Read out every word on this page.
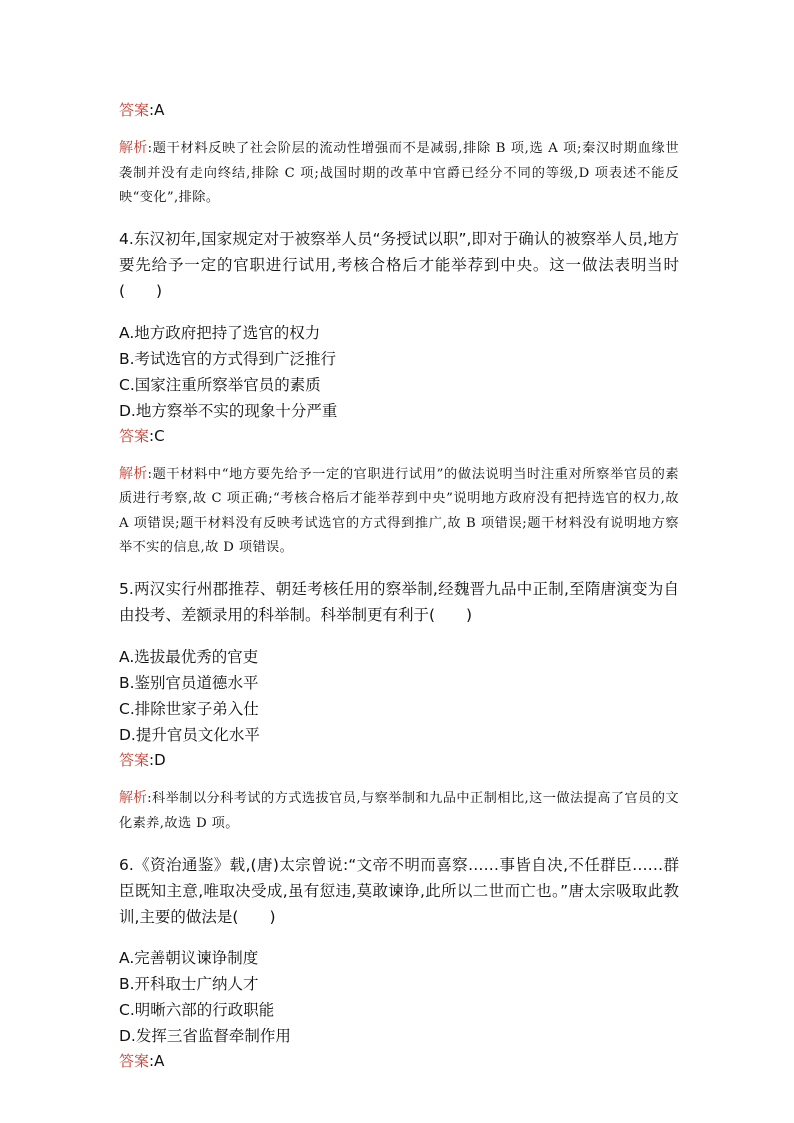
答案:A

解析:题干材料反映了社会阶层的流动性增强而不是减弱,排除 B 项,选 A 项;秦汉时期血缘世袭制并没有走向终结,排除 C 项;战国时期的改革中官爵已经分不同的等级,D 项表述不能反映“变化”,排除。

4.东汉初年,国家规定对于被察举人员“务授试以职”,即对于确认的被察举人员,地方要先给予一定的官职进行试用,考核合格后才能举荐到中央。这一做法表明当时(　　)

A.地方政府把持了选官的权力

B.考试选官的方式得到广泛推行

C.国家注重所察举官员的素质

D.地方察举不实的现象十分严重

答案:C

解析:题干材料中“地方要先给予一定的官职进行试用”的做法说明当时注重对所察举官员的素质进行考察,故 C 项正确;“考核合格后才能举荐到中央”说明地方政府没有把持选官的权力,故 A 项错误;题干材料没有反映考试选官的方式得到推广,故 B 项错误;题干材料没有说明地方察举不实的信息,故 D 项错误。

5.两汉实行州郡推荐、朝廷考核任用的察举制,经魏晋九品中正制,至隋唐演变为自由投考、差额录用的科举制。科举制更有利于(　　)

A.选拔最优秀的官吏

B.鉴别官员道德水平

C.排除世家子弟入仕

D.提升官员文化水平

答案:D

解析:科举制以分科考试的方式选拔官员,与察举制和九品中正制相比,这一做法提高了官员的文化素养,故选 D 项。

6.《资治通鉴》载,(唐)太宗曾说:“文帝不明而喜察……事皆自决,不任群臣……群臣既知主意,唯取决受成,虽有愆违,莫敢谏诤,此所以二世而亡也。”唐太宗吸取此教训,主要的做法是(　　)

A.完善朝议谏诤制度

B.开科取士广纳人才

C.明晰六部的行政职能

D.发挥三省监督牵制作用

答案:A
